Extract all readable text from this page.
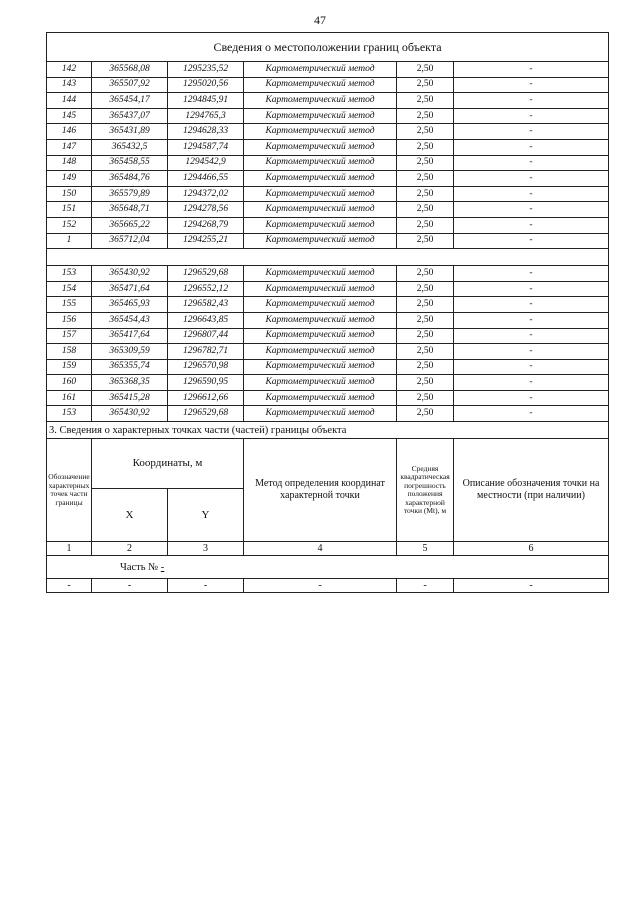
47
Сведения о местоположении границ объекта					
142	365568,08	1295235,52	Картометрический метод	2,50	-
143	365507,92	1295020,56	Картометрический метод	2,50	-
144	365454,17	1294845,91	Картометрический метод	2,50	-
145	365437,07	1294765,3	Картометрический метод	2,50	-
146	365431,89	1294628,33	Картометрический метод	2,50	-
147	365432,5	1294587,74	Картометрический метод	2,50	-
148	365458,55	1294542,9	Картометрический метод	2,50	-
149	365484,76	1294466,55	Картометрический метод	2,50	-
150	365579,89	1294372,02	Картометрический метод	2,50	-
151	365648,71	1294278,56	Картометрический метод	2,50	-
152	365665,22	1294268,79	Картометрический метод	2,50	-
1	365712,04	1294255,21	Картометрический метод	2,50	-

153	365430,92	1296529,68	Картометрический метод	2,50	-
154	365471,64	1296552,12	Картометрический метод	2,50	-
155	365465,93	1296582,43	Картометрический метод	2,50	-
156	365454,43	1296643,85	Картометрический метод	2,50	-
157	365417,64	1296807,44	Картометрический метод	2,50	-
158	365309,59	1296782,71	Картометрический метод	2,50	-
159	365355,74	1296570,98	Картометрический метод	2,50	-
160	365368,35	1296590,95	Картометрический метод	2,50	-
161	365415,28	1296612,66	Картометрический метод	2,50	-
153	365430,92	1296529,68	Картометрический метод	2,50	-
3. Сведения о характерных точках части (частей) границы объекта					
Обозначение характерных точек части границы	Координаты, м		Метод определения координат характерной точки	Средняя квадратическая погрешность положения характерной точки (Мt), м	Описание обозначения точки на местности (при наличии)
	X	Y			
1	2	3	4	5	6
Часть № -					
-	-	-	-	-	-
